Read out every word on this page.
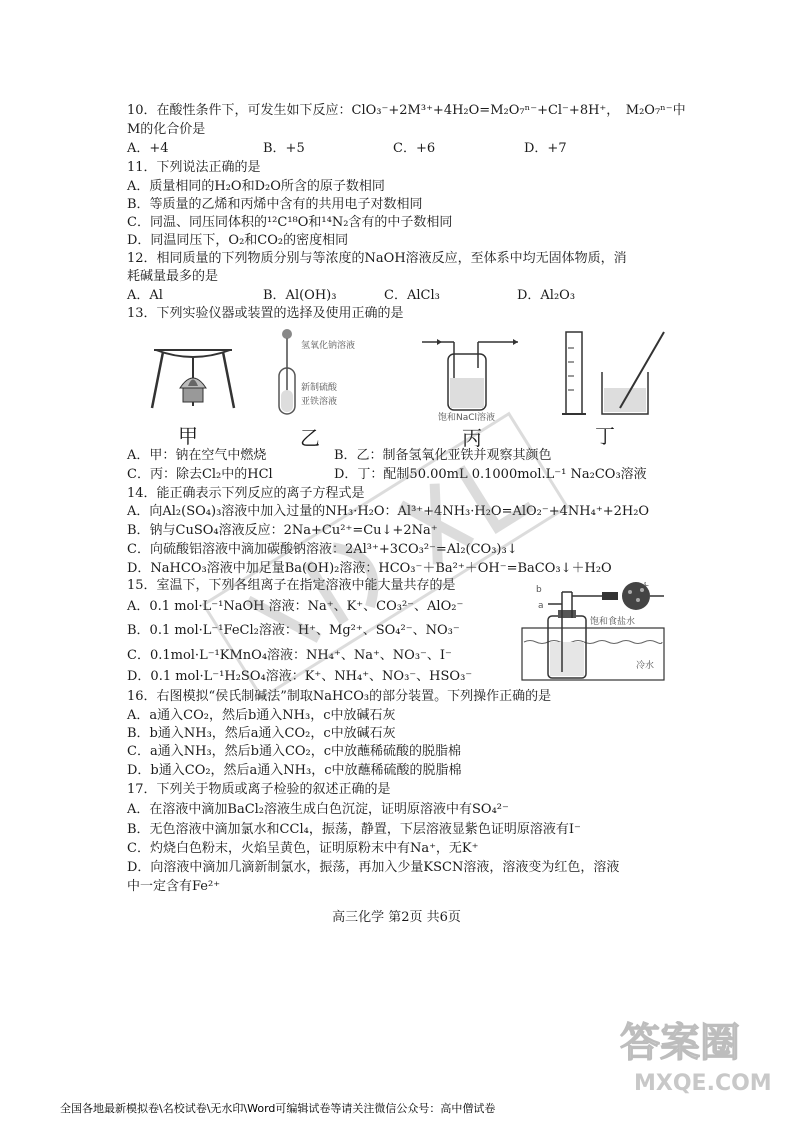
10．在酸性条件下，可发生如下反应：ClO₃⁻+2M³⁺+4H₂O=M₂O₇ⁿ⁻+Cl⁻+8H⁺，　M₂O₇ⁿ⁻中
M的化合价是
A．+4	B．+5	C．+6	D．+7
11．下列说法正确的是
A．质量相同的H₂O和D₂O所含的原子数相同
B．等质量的乙烯和丙烯中含有的共用电子对数相同
C．同温、同压同体积的¹²C¹⁸O和¹⁴N₂含有的中子数相同
D．同温同压下，O₂和CO₂的密度相同
12．相同质量的下列物质分别与等浓度的NaOH溶液反应，至体系中均无固体物质，消
耗碱量最多的是
A．Al	B．Al(OH)₃	C．AlCl₃	D．Al₂O₃
13．下列实验仪器或装置的选择及使用正确的是
甲
氢氧化钠溶液
新制硫酸
亚铁溶液
乙
饱和NaCl溶液
丙	丁
A．甲：钠在空气中燃烧	B．乙：制备氢氧化亚铁并观察其颜色
C．丙：除去Cl₂中的HCl	D．丁：配制50.00mL 0.1000mol.L⁻¹ Na₂CO₃溶液
14．能正确表示下列反应的离子方程式是
A．向Al₂(SO₄)₃溶液中加入过量的NH₃·H₂O：Al³⁺+4NH₃·H₂O=AlO₂⁻+4NH₄⁺+2H₂O
B．钠与CuSO₄溶液反应：2Na+Cu²⁺=Cu↓+2Na⁺
C．向硫酸铝溶液中滴加碳酸钠溶液：2Al³⁺+3CO₃²⁻=Al₂(CO₃)₃↓
D．NaHCO₃溶液中加足量Ba(OH)₂溶液：HCO₃⁻＋Ba²⁺＋OH⁻=BaCO₃↓＋H₂O
15．室温下，下列各组离子在指定溶液中能大量共存的是
A．0.1 mol·L⁻¹NaOH 溶液：Na⁺、K⁺、CO₃²⁻、AlO₂⁻
B．0.1 mol·L⁻¹FeCl₂溶液：H⁺、Mg²⁺、SO₄²⁻、NO₃⁻
C．0.1mol·L⁻¹KMnO₄溶液：NH₄⁺、Na⁺、NO₃⁻、I⁻
D．0.1 mol·L⁻¹H₂SO₄溶液：K⁺、NH₄⁺、NO₃⁻、HSO₃⁻
b
a
c
饱和食盐水
冷水
16．右图模拟“侯氏制碱法”制取NaHCO₃的部分装置。下列操作正确的是
A．a通入CO₂，然后b通入NH₃，c中放碱石灰
B．b通入NH₃，然后a通入CO₂，c中放碱石灰
C．a通入NH₃，然后b通入CO₂，c中放蘸稀硫酸的脱脂棉
D．b通入CO₂，然后a通入NH₃，c中放蘸稀硫酸的脱脂棉
17．下列关于物质或离子检验的叙述正确的是
A．在溶液中滴加BaCl₂溶液生成白色沉淀，证明原溶液中有SO₄²⁻
B．无色溶液中滴加氯水和CCl₄，振荡，静置，下层溶液显紫色证明原溶液有I⁻
C．灼烧白色粉末，火焰呈黄色，证明原粉末中有Na⁺，无K⁺
D．向溶液中滴加几滴新制氯水，振荡，再加入少量KSCN溶液，溶液变为红色，溶液
中一定含有Fe²⁺
高三化学 第2页 共6页
答案圈
MXQE.COM
全国各地最新模拟卷\名校试卷\无水印\Word可编辑试卷等请关注微信公众号：高中僧试卷
